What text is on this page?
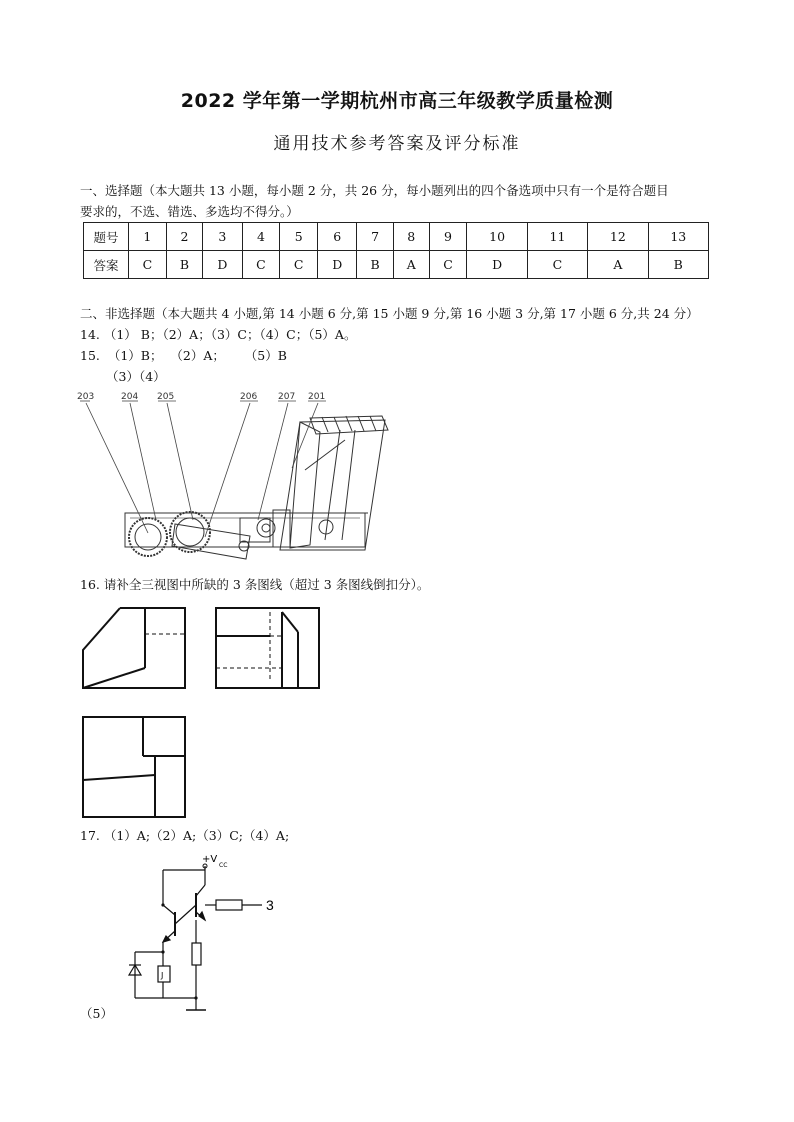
2022 学年第一学期杭州市高三年级教学质量检测
通用技术参考答案及评分标准
一、选择题（本大题共 13 小题，每小题 2 分，共 26 分，每小题列出的四个备选项中只有一个是符合题目
要求的，不选、错选、多选均不得分。）
题号	1	2	3	4	5	6	7	8	9	10	11	12	13
答案	C	B	D	C	C	D	B	A	C	D	C	A	B
二、非选择题（本大题共 4 小题,第 14 小题 6 分,第 15 小题 9 分,第 16 小题 3 分,第 17 小题 6 分,共 24 分）
14. （1） B；（2）A；（3）C；（4）C；（5）A。
15.  （1）B；  （2）A；     （5）B
（3）（4）
203	204 205	206 207 201
16. 请补全三视图中所缺的 3 条图线（超过 3 条图线倒扣分）。
17. （1）A;（2）A;（3）C;（4）A;
（5）
+V
CC
J
3
